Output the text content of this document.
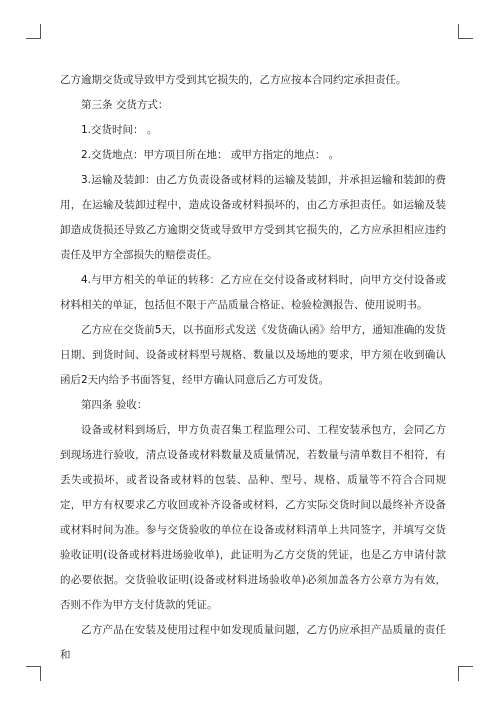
乙方逾期交货或导致甲方受到其它损失的，乙方应按本合同约定承担责任。

第三条 交货方式：

1.交货时间： 。

2.交货地点：甲方项目所在地： 或甲方指定的地点： 。

3.运输及装卸：由乙方负责设备或材料的运输及装卸，并承担运输和装卸的费用，在运输及装卸过程中，造成设备或材料损坏的，由乙方承担责任。如运输及装卸造成货损还导致乙方逾期交货或导致甲方受到其它损失的，乙方应承担相应违约责任及甲方全部损失的赔偿责任。

4.与甲方相关的单证的转移：乙方应在交付设备或材料时，向甲方交付设备或材料相关的单证，包括但不限于产品质量合格证、检验检测报告、使用说明书。

乙方应在交货前5天，以书面形式发送《发货确认函》给甲方，通知准确的发货日期、到货时间、设备或材料型号规格、数量以及场地的要求，甲方须在收到确认函后2天内给予书面答复，经甲方确认同意后乙方可发货。

第四条 验收：

设备或材料到场后，甲方负责召集工程监理公司、工程安装承包方，会同乙方到现场进行验收，清点设备或材料数量及质量情况，若数量与清单数目不相符，有丢失或损坏，或者设备或材料的包装、品种、型号、规格、质量等不符合合同规定，甲方有权要求乙方收回或补齐设备或材料，乙方实际交货时间以最终补齐设备或材料时间为准。参与交货验收的单位在设备或材料清单上共同签字，并填写交货验收证明(设备或材料进场验收单)，此证明为乙方交货的凭证，也是乙方申请付款的必要依据。交货验收证明(设备或材料进场验收单)必须加盖各方公章方为有效，否则不作为甲方支付货款的凭证。

乙方产品在安装及使用过程中如发现质量问题，乙方仍应承担产品质量的责任和
